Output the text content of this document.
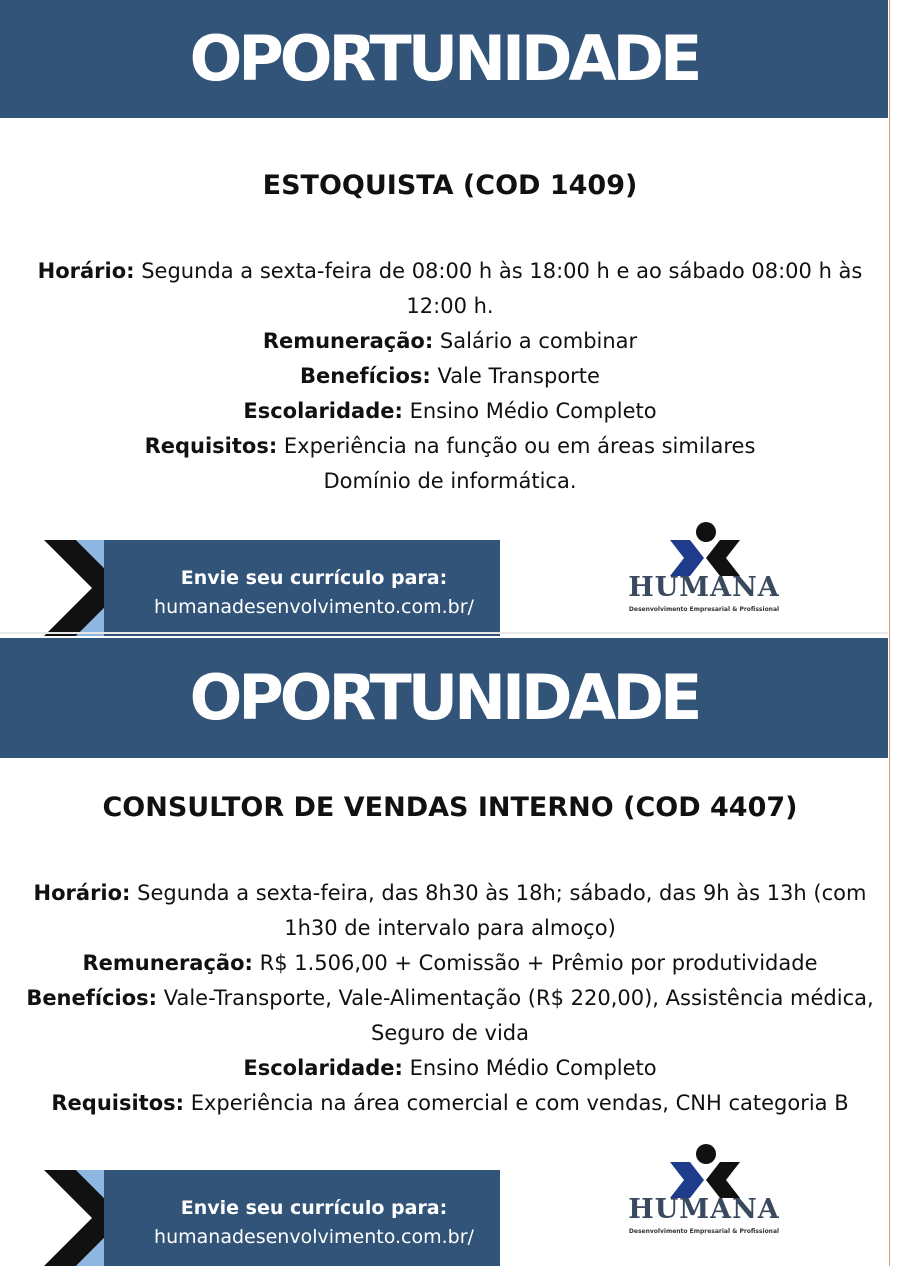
OPORTUNIDADE
ESTOQUISTA (COD 1409)
Horário: Segunda a sexta-feira de 08:00 h às 18:00 h e ao sábado 08:00 h às 12:00 h.
Remuneração: Salário a combinar
Benefícios: Vale Transporte
Escolaridade: Ensino Médio Completo
Requisitos: Experiência na função ou em áreas similares
Domínio de informática.
Envie seu currículo para:
humanadesenvolvimento.com.br/
HUMANA
Desenvolvimento Empresarial & Profissional
OPORTUNIDADE
CONSULTOR DE VENDAS INTERNO (COD 4407)
Horário: Segunda a sexta-feira, das 8h30 às 18h; sábado, das 9h às 13h (com 1h30 de intervalo para almoço)
Remuneração: R$ 1.506,00 + Comissão + Prêmio por produtividade
Benefícios: Vale-Transporte, Vale-Alimentação (R$ 220,00), Assistência médica, Seguro de vida
Escolaridade: Ensino Médio Completo
Requisitos: Experiência na área comercial e com vendas, CNH categoria B
Envie seu currículo para:
humanadesenvolvimento.com.br/
HUMANA
Desenvolvimento Empresarial & Profissional
